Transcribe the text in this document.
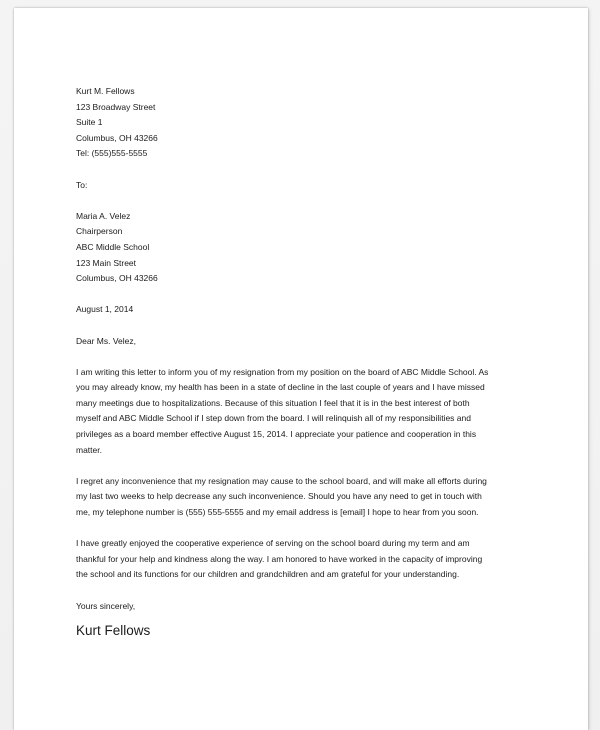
Kurt M. Fellows
123 Broadway Street
Suite 1
Columbus, OH 43266
Tel: (555)555-5555
To:
Maria A. Velez
Chairperson
ABC Middle School
123 Main Street
Columbus, OH 43266
August 1, 2014
Dear Ms. Velez,
I am writing this letter to inform you of my resignation from my position on the board of ABC Middle School. As
you may already know, my health has been in a state of decline in the last couple of years and I have missed
many meetings due to hospitalizations. Because of this situation I feel that it is in the best interest of both
myself and ABC Middle School if I step down from the board. I will relinquish all of my responsibilities and
privileges as a board member effective August 15, 2014. I appreciate your patience and cooperation in this
matter.
I regret any inconvenience that my resignation may cause to the school board, and will make all efforts during
my last two weeks to help decrease any such inconvenience. Should you have any need to get in touch with
me, my telephone number is (555) 555-5555 and my email address is [email] I hope to hear from you soon.
I have greatly enjoyed the cooperative experience of serving on the school board during my term and am
thankful for your help and kindness along the way. I am honored to have worked in the capacity of improving
the school and its functions for our children and grandchildren and am grateful for your understanding.
Yours sincerely,
Kurt Fellows
